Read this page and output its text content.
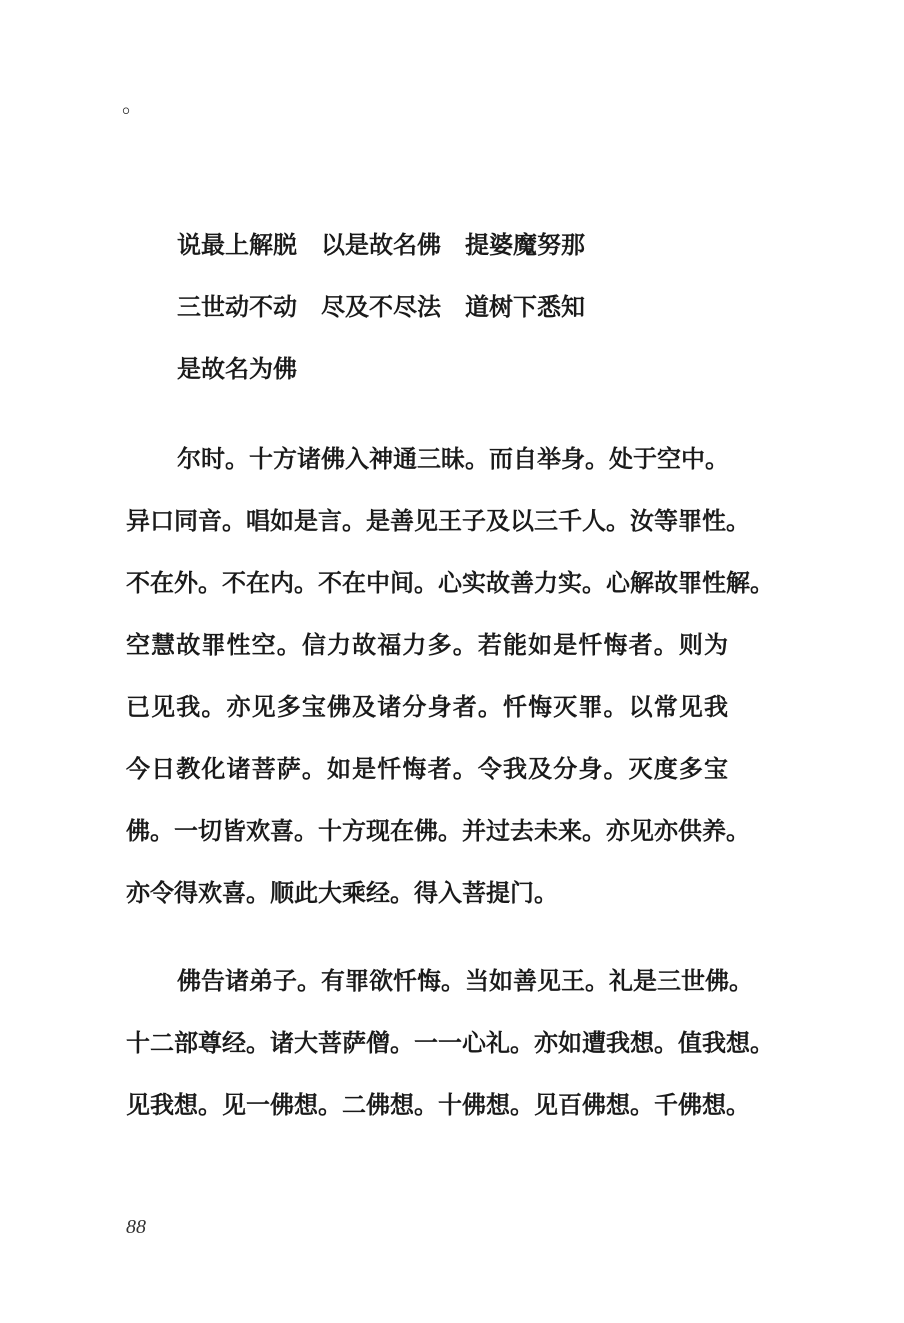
。
说最上解脱 以是故名佛 提婆魔努那
三世动不动 尽及不尽法 道树下悉知
是故名为佛
尔时。十方诸佛入神通三昧。而自举身。处于空中。
异口同音。唱如是言。是善见王子及以三千人。汝等罪性。
不在外。不在内。不在中间。心实故善力实。心解故罪性解。
空慧故罪性空。信力故福力多。若能如是忏悔者。则为
已见我。亦见多宝佛及诸分身者。忏悔灭罪。以常见我
今日教化诸菩萨。如是忏悔者。令我及分身。灭度多宝
佛。一切皆欢喜。十方现在佛。并过去未来。亦见亦供养。
亦令得欢喜。顺此大乘经。得入菩提门。
佛告诸弟子。有罪欲忏悔。当如善见王。礼是三世佛。
十二部尊经。诸大菩萨僧。一一心礼。亦如遭我想。值我想。
见我想。见一佛想。二佛想。十佛想。见百佛想。千佛想。
88
